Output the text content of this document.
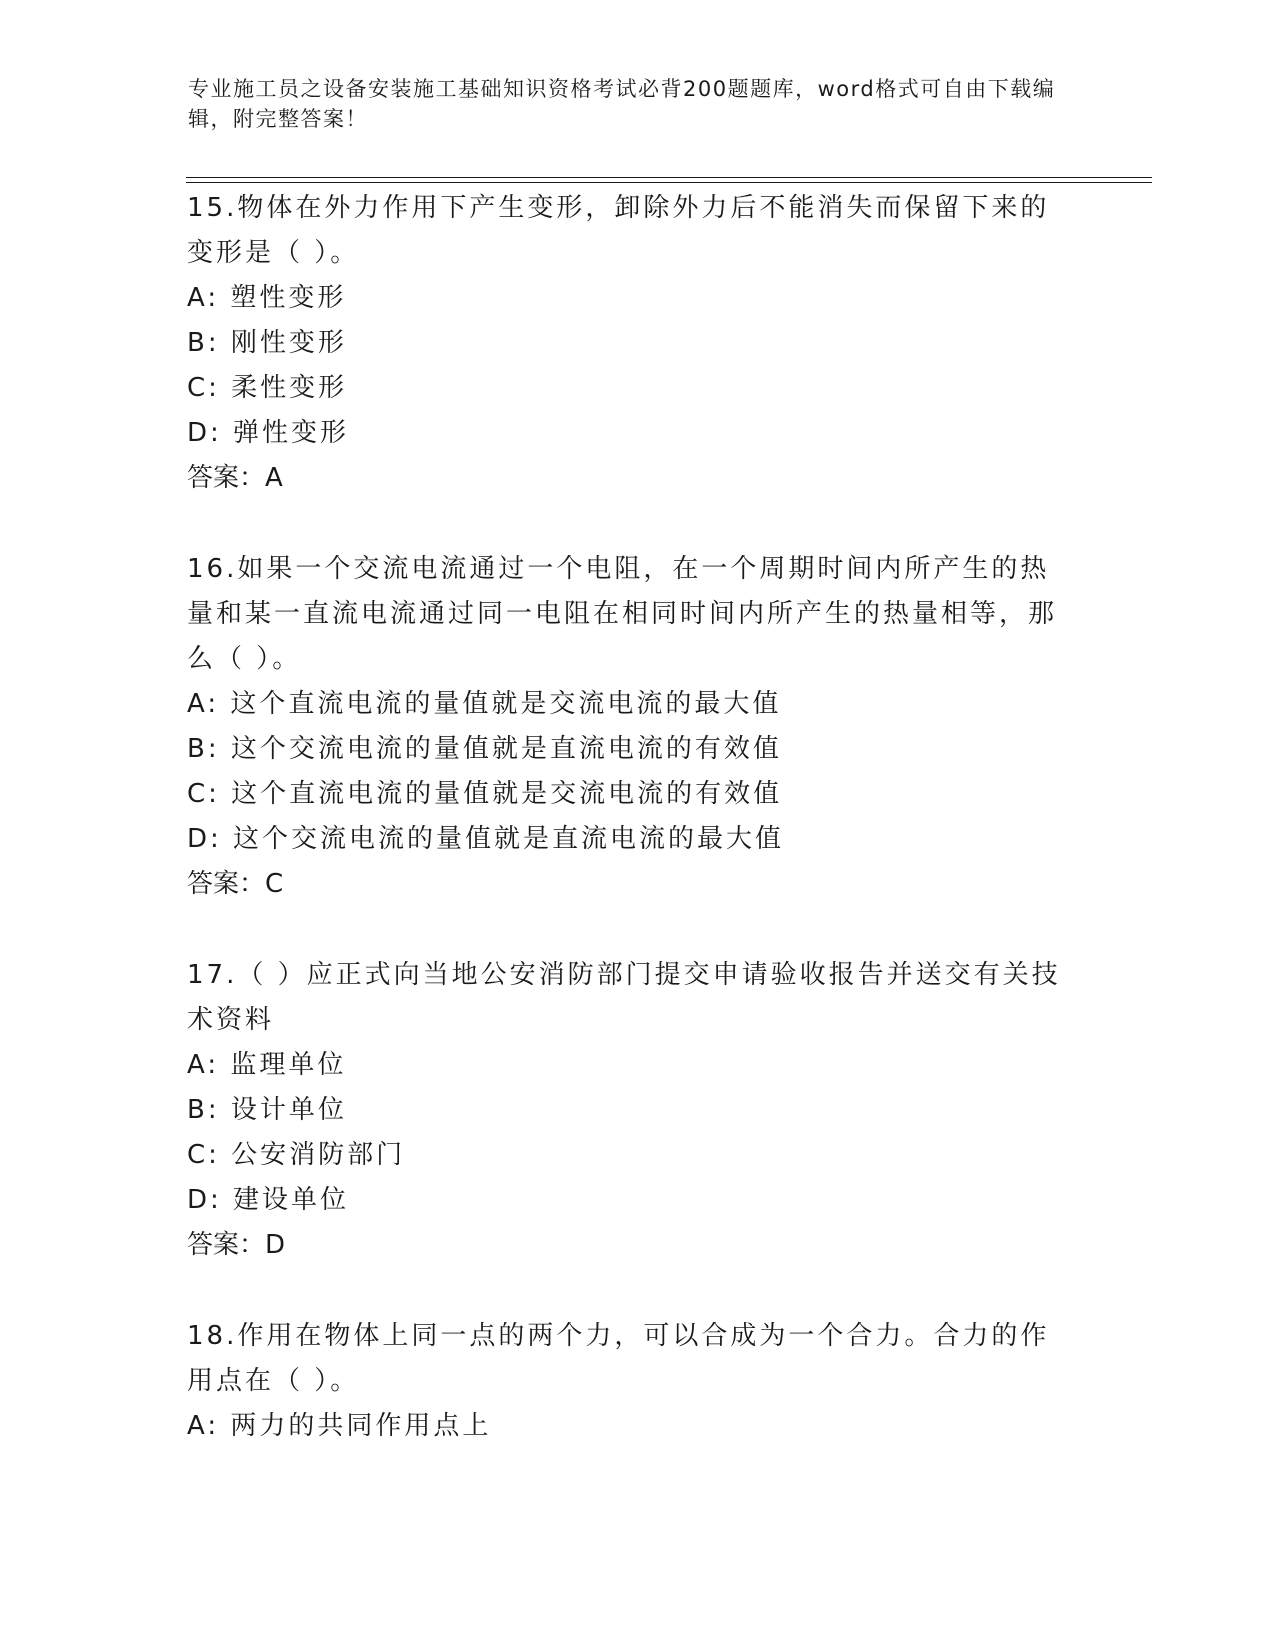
专业施工员之设备安装施工基础知识资格考试必背200题题库，word格式可自由下载编辑，附完整答案！

15.物体在外力作用下产生变形，卸除外力后不能消失而保留下来的变形是（ ）。

A: 塑性变形

B: 刚性变形

C: 柔性变形

D: 弹性变形

答案：A

16.如果一个交流电流通过一个电阻，在一个周期时间内所产生的热量和某一直流电流通过同一电阻在相同时间内所产生的热量相等，那么（ ）。

A: 这个直流电流的量值就是交流电流的最大值

B: 这个交流电流的量值就是直流电流的有效值

C: 这个直流电流的量值就是交流电流的有效值

D: 这个交流电流的量值就是直流电流的最大值

答案：C

17.（ ）应正式向当地公安消防部门提交申请验收报告并送交有关技术资料

A: 监理单位

B: 设计单位

C: 公安消防部门

D: 建设单位

答案：D

18.作用在物体上同一点的两个力，可以合成为一个合力。合力的作用点在（ ）。

A: 两力的共同作用点上
